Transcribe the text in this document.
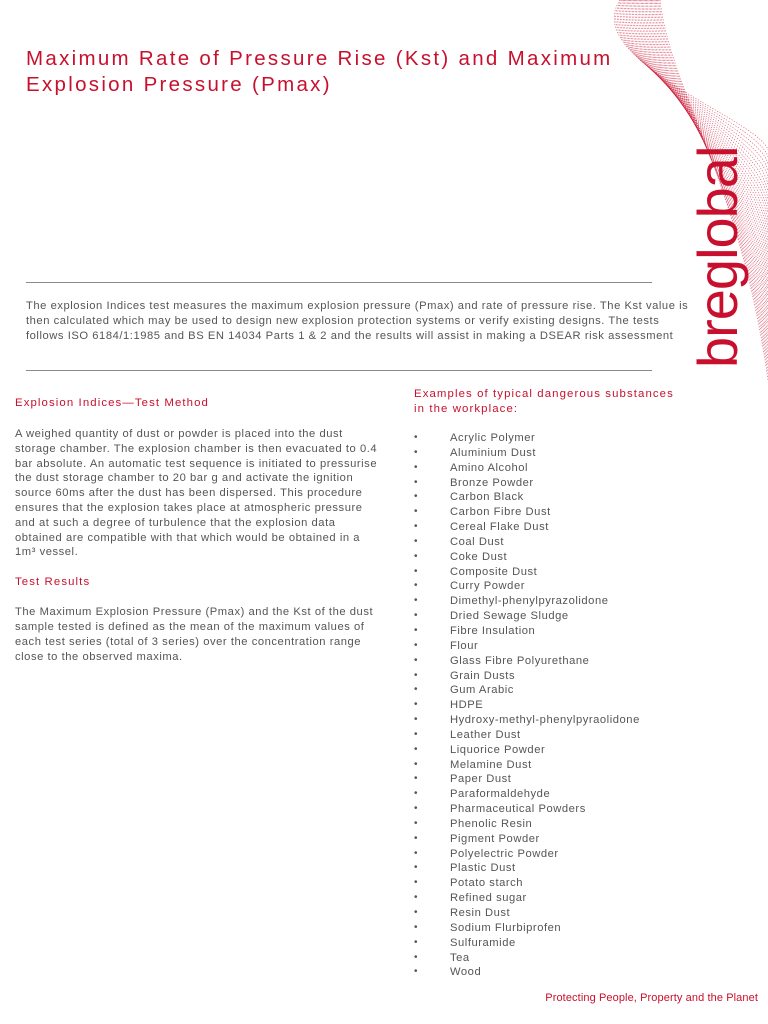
breglobal
Maximum Rate of Pressure Rise (Kst) and Maximum
Explosion Pressure (Pmax)

The explosion Indices test measures the maximum explosion pressure (Pmax) and rate of pressure rise. The Kst value is then calculated which may be used to design new explosion protection systems or verify existing designs. The tests follows ISO 6184/1:1985 and BS EN 14034 Parts 1 & 2 and the results will assist in making a DSEAR risk assessment

Explosion Indices—Test Method

A weighed quantity of dust or powder is placed into the dust storage chamber. The explosion chamber is then evacuated to 0.4 bar absolute. An automatic test sequence is initiated to pressurise the dust storage chamber to 20 bar g and activate the ignition source 60ms after the dust has been dispersed. This procedure ensures that the explosion takes place at atmospheric pressure and at such a degree of turbulence that the explosion data obtained are compatible with that which would be obtained in a 1m³ vessel.

Test Results

The Maximum Explosion Pressure (Pmax) and the Kst of the dust sample tested is defined as the mean of the maximum values of each test series (total of 3 series) over the concentration range close to the observed maxima.

Examples of typical dangerous substances
in the workplace:
•	Acrylic Polymer
•	Aluminium Dust
•	Amino Alcohol
•	Bronze Powder
•	Carbon Black
•	Carbon Fibre Dust
•	Cereal Flake Dust
•	Coal Dust
•	Coke Dust
•	Composite Dust
•	Curry Powder
•	Dimethyl-phenylpyrazolidone
•	Dried Sewage Sludge
•	Fibre Insulation
•	Flour
•	Glass Fibre Polyurethane
•	Grain Dusts
•	Gum Arabic
•	HDPE
•	Hydroxy-methyl-phenylpyraolidone
•	Leather Dust
•	Liquorice Powder
•	Melamine Dust
•	Paper Dust
•	Paraformaldehyde
•	Pharmaceutical Powders
•	Phenolic Resin
•	Pigment Powder
•	Polyelectric Powder
•	Plastic Dust
•	Potato starch
•	Refined sugar
•	Resin Dust
•	Sodium Flurbiprofen
•	Sulfuramide
•	Tea
•	Wood

Protecting People, Property and the Planet
